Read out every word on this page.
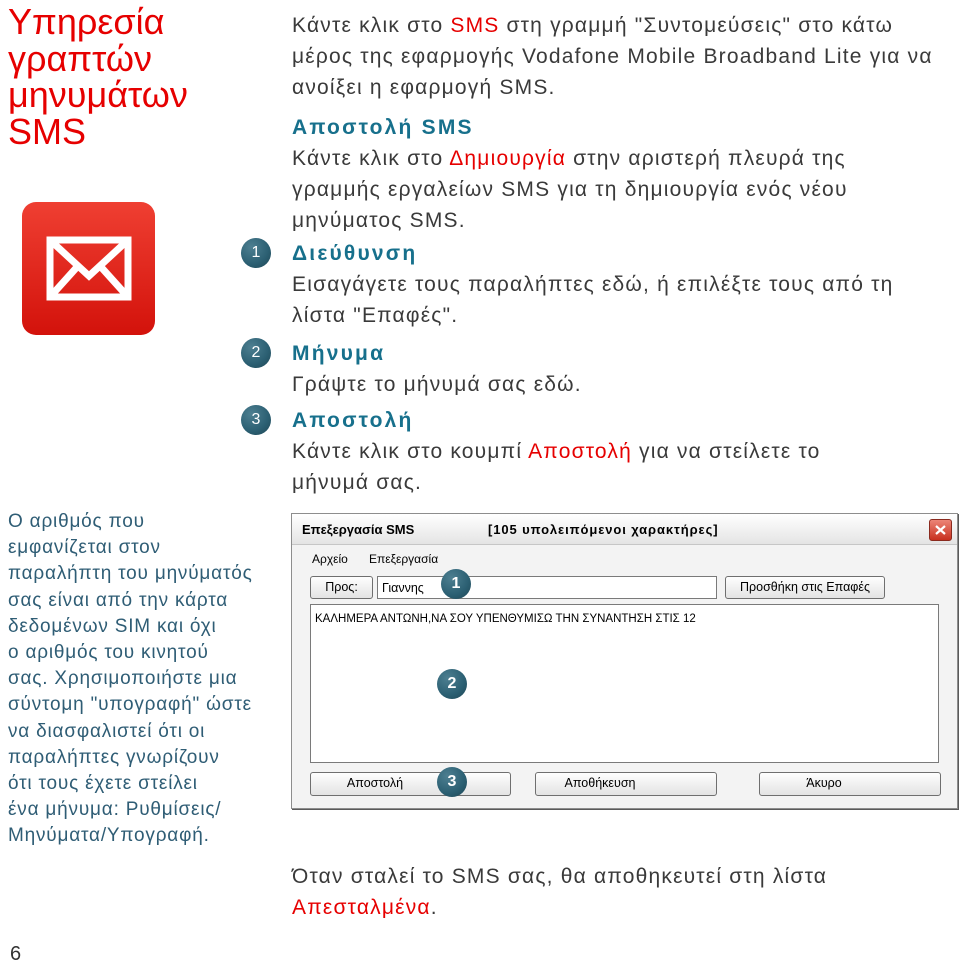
Υπηρεσία
γραπτών
μηνυμάτων
SMS
Ο αριθμός που
εμφανίζεται στον
παραλήπτη του μηνύματός
σας είναι από την κάρτα
δεδομένων SIM και όχι
ο αριθμός του κινητού
σας. Χρησιμοποιήστε μια
σύντομη "υπογραφή" ώστε
να διασφαλιστεί ότι οι
παραλήπτες γνωρίζουν
ότι τους έχετε στείλει
ένα μήνυμα: Ρυθμίσεις/
Μηνύματα/Υπογραφή.
6
Κάντε κλικ στο SMS στη γραμμή "Συντομεύσεις" στο κάτω
μέρος της εφαρμογής Vodafone Mobile Broadband Lite για να
ανοίξει η εφαρμογή SMS.
Αποστολή SMS
Κάντε κλικ στο Δημιουργία στην αριστερή πλευρά της
γραμμής εργαλείων SMS για τη δημιουργία ενός νέου
μηνύματος SMS.
1	Διεύθυνση
Εισαγάγετε τους παραλήπτες εδώ, ή επιλέξτε τους από τη
λίστα "Επαφές".
2	Μήνυμα
Γράψτε το μήνυμά σας εδώ.
3	Αποστολή
Κάντε κλικ στο κουμπί Αποστολή για να στείλετε το
μήνυμά σας.
Επεξεργασία SMS	[105 υπολειπόμενοι χαρακτήρες]
Αρχείο Επεξεργασία
Προς:
Γιαννης	Προσθήκη στις Επαφές
ΚΑΛΗΜΕΡΑ ΑΝΤΩΝΗ,ΝΑ ΣΟΥ ΥΠΕΝΘΥΜΙΣΩ ΤΗΝ ΣΥΝΑΝΤΗΣΗ ΣΤΙΣ 12
Αποστολή	Αποθήκευση	Άκυρο
1
2
3
Όταν σταλεί το SMS σας, θα αποθηκευτεί στη λίστα
Απεσταλμένα.
